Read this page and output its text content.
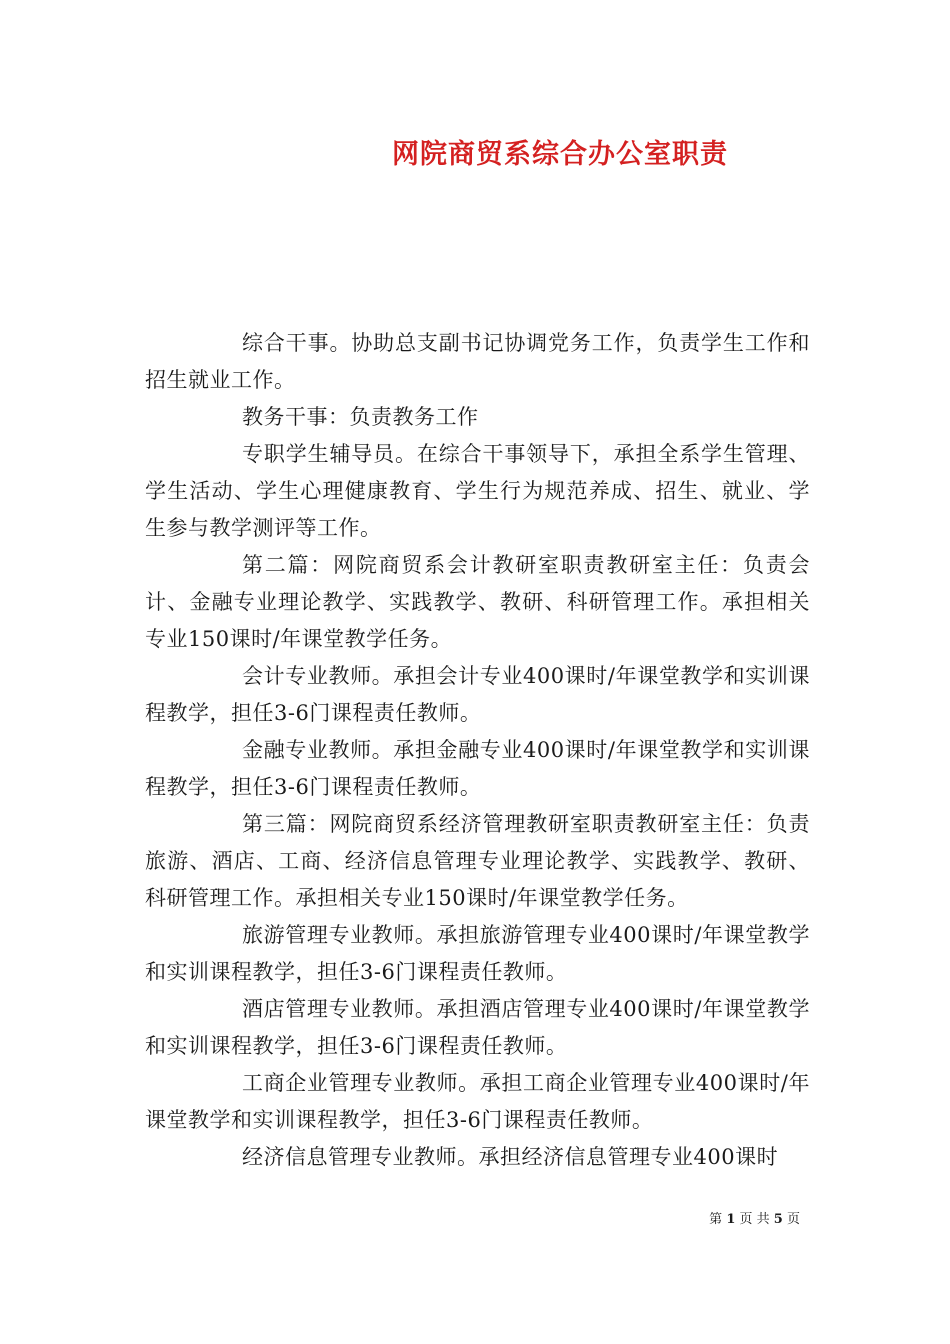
网院商贸系综合办公室职责

综合干事。协助总支副书记协调党务工作，负责学生工作和招生就业工作。

教务干事：负责教务工作

专职学生辅导员。在综合干事领导下，承担全系学生管理、学生活动、学生心理健康教育、学生行为规范养成、招生、就业、学生参与教学测评等工作。

第二篇：网院商贸系会计教研室职责教研室主任：负责会计、金融专业理论教学、实践教学、教研、科研管理工作。承担相关专业150课时/年课堂教学任务。

会计专业教师。承担会计专业400课时/年课堂教学和实训课程教学，担任3-6门课程责任教师。

金融专业教师。承担金融专业400课时/年课堂教学和实训课程教学，担任3-6门课程责任教师。

第三篇：网院商贸系经济管理教研室职责教研室主任：负责旅游、酒店、工商、经济信息管理专业理论教学、实践教学、教研、科研管理工作。承担相关专业150课时/年课堂教学任务。

旅游管理专业教师。承担旅游管理专业400课时/年课堂教学和实训课程教学，担任3-6门课程责任教师。

酒店管理专业教师。承担酒店管理专业400课时/年课堂教学和实训课程教学，担任3-6门课程责任教师。

工商企业管理专业教师。承担工商企业管理专业400课时/年课堂教学和实训课程教学，担任3-6门课程责任教师。

经济信息管理专业教师。承担经济信息管理专业400课时

第 1 页 共 5 页
